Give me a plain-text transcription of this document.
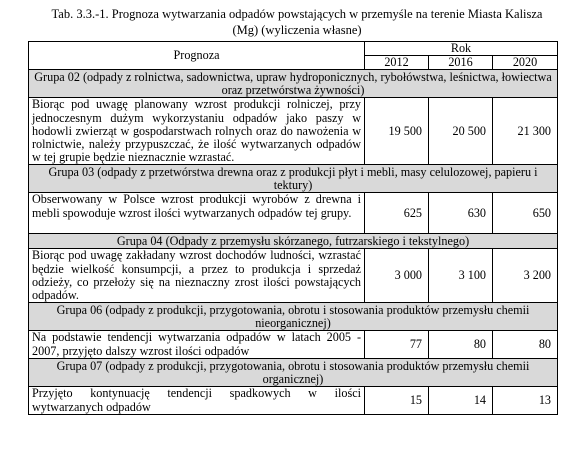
Tab. 3.3.-1. Prognoza wytwarzania odpadów powstających w przemyśle na terenie Miasta Kalisza
(Mg) (wyliczenia własne)
Prognoza	Rok		
	2012	2016	2020
Grupa 02 (odpady z rolnictwa, sadownictwa, upraw hydroponicznych, rybołówstwa, leśnictwa, łowiectwa oraz przetwórstwa żywności)			
Biorąc pod uwagę planowany wzrost produkcji rolniczej, przy jednoczesnym dużym wykorzystaniu odpadów jako paszy w hodowli zwierząt w gospodarstwach rolnych oraz do nawożenia w rolnictwie, należy przypuszczać, że ilość wytwarzanych odpadów w tej grupie będzie nieznacznie wzrastać.	19 500	20 500	21 300
Grupa 03 (odpady z przetwórstwa drewna oraz z produkcji płyt i mebli, masy celulozowej, papieru i tektury)			
Obserwowany w Polsce wzrost produkcji wyrobów z drewna i mebli spowoduje wzrost ilości wytwarzanych odpadów tej grupy.	625	630	650
Grupa 04 (Odpady z przemysłu skórzanego, futrzarskiego i tekstylnego)			
Biorąc pod uwagę zakładany wzrost dochodów ludności, wzrastać będzie wielkość konsumpcji, a przez to produkcja i sprzedaż odzieży, co przełoży się na nieznaczny zrost ilości powstających odpadów.	3 000	3 100	3 200
Grupa 06 (odpady z produkcji, przygotowania, obrotu i stosowania produktów przemysłu chemii nieorganicznej)			
Na podstawie tendencji wytwarzania odpadów w latach 2005 - 2007, przyjęto dalszy wzrost ilości odpadów	77	80	80
Grupa 07 (odpady z produkcji, przygotowania, obrotu i stosowania produktów przemysłu chemii organicznej)			
Przyjęto kontynuację tendencji spadkowych w ilości wytwarzanych odpadów	15	14	13
